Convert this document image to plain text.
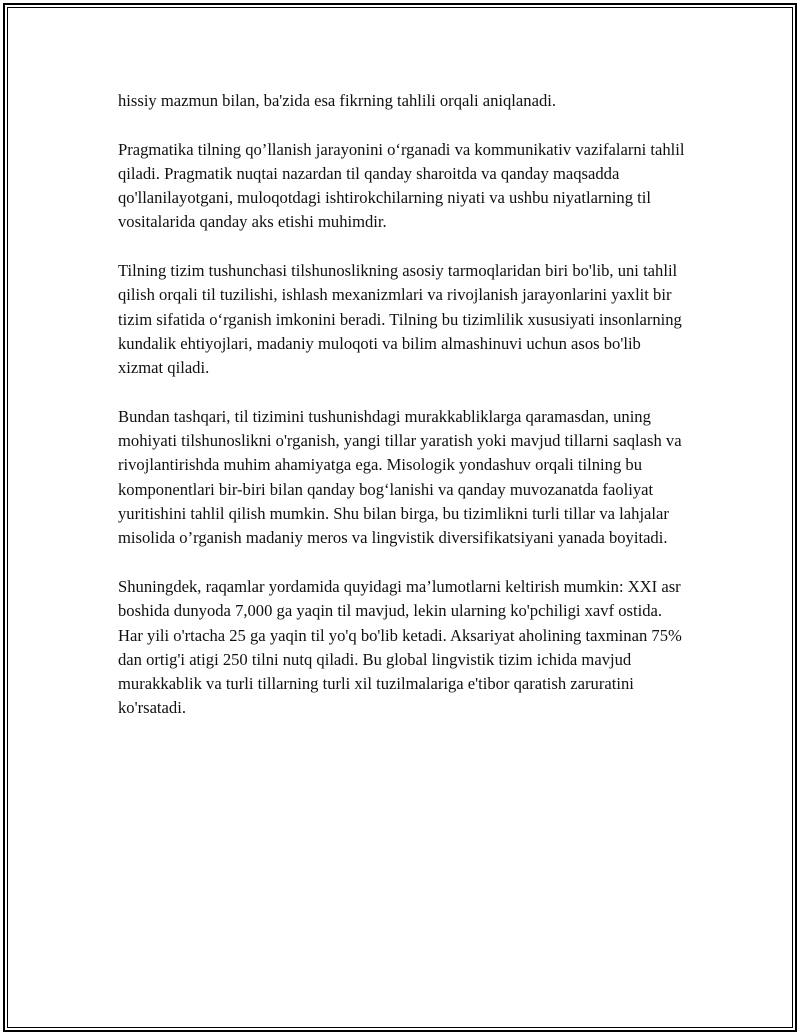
hissiy mazmun bilan, ba'zida esa fikrning tahlili orqali aniqlanadi.

Pragmatika tilning qo’llanish jarayonini o‘rganadi va kommunikativ vazifalarni tahlil qiladi. Pragmatik nuqtai nazardan til qanday sharoitda va qanday maqsadda qo'llanilayotgani, muloqotdagi ishtirokchilarning niyati va ushbu niyatlarning til vositalarida qanday aks etishi muhimdir.

Tilning tizim tushunchasi tilshunoslikning asosiy tarmoqlaridan biri bo'lib, uni tahlil qilish orqali til tuzilishi, ishlash mexanizmlari va rivojlanish jarayonlarini yaxlit bir tizim sifatida o‘rganish imkonini beradi. Tilning bu tizimlilik xususiyati insonlarning kundalik ehtiyojlari, madaniy muloqoti va bilim almashinuvi uchun asos bo'lib xizmat qiladi.

Bundan tashqari, til tizimini tushunishdagi murakkabliklarga qaramasdan, uning mohiyati tilshunoslikni o'rganish, yangi tillar yaratish yoki mavjud tillarni saqlash va rivojlantirishda muhim ahamiyatga ega. Misologik yondashuv orqali tilning bu komponentlari bir-biri bilan qanday bog‘lanishi va qanday muvozanatda faoliyat yuritishini tahlil qilish mumkin. Shu bilan birga, bu tizimlikni turli tillar va lahjalar misolida o’rganish madaniy meros va lingvistik diversifikatsiyani yanada boyitadi.

Shuningdek, raqamlar yordamida quyidagi ma’lumotlarni keltirish mumkin: XXI asr boshida dunyoda 7,000 ga yaqin til mavjud, lekin ularning ko'pchiligi xavf ostida. Har yili o'rtacha 25 ga yaqin til yo'q bo'lib ketadi. Aksariyat aholining taxminan 75% dan ortig'i atigi 250 tilni nutq qiladi. Bu global lingvistik tizim ichida mavjud murakkablik va turli tillarning turli xil tuzilmalariga e'tibor qaratish zaruratini ko'rsatadi.
